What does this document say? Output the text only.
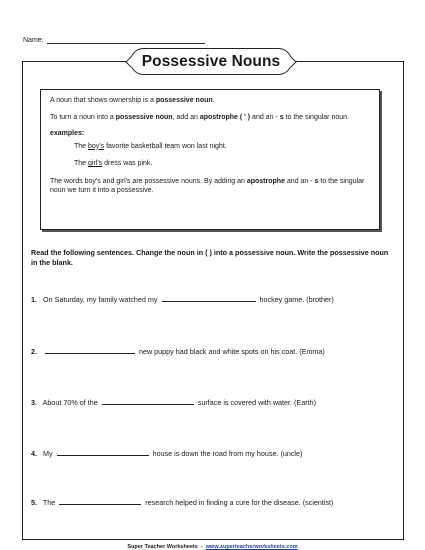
Name:
Possessive Nouns

A noun that shows ownership is a possessive noun.

To turn a noun into a possessive noun, add an apostrophe ( ' ) and an - s to the singular noun.

examples:

The boy's favorite basketball team won last night.

The girl's dress was pink.

The words boy's and girl's are possessive nouns. By adding an apostrophe and an - s to the singular noun we turn it into a possessive.

Read the following sentences. Change the noun in ( ) into a possessive noun. Write the possessive noun in the blank.
1. On Saturday, my family watched my	hockey game. (brother)
2.	new puppy had black and white spots on his coat. (Emma)
3. About 70% of the	surface is covered with water. (Earth)
4. My	house is down the road from my house. (uncle)
5. The	research helped in finding a cure for the disease. (scientist)
Super Teacher Worksheets  -  www.superteacherworksheets.com
